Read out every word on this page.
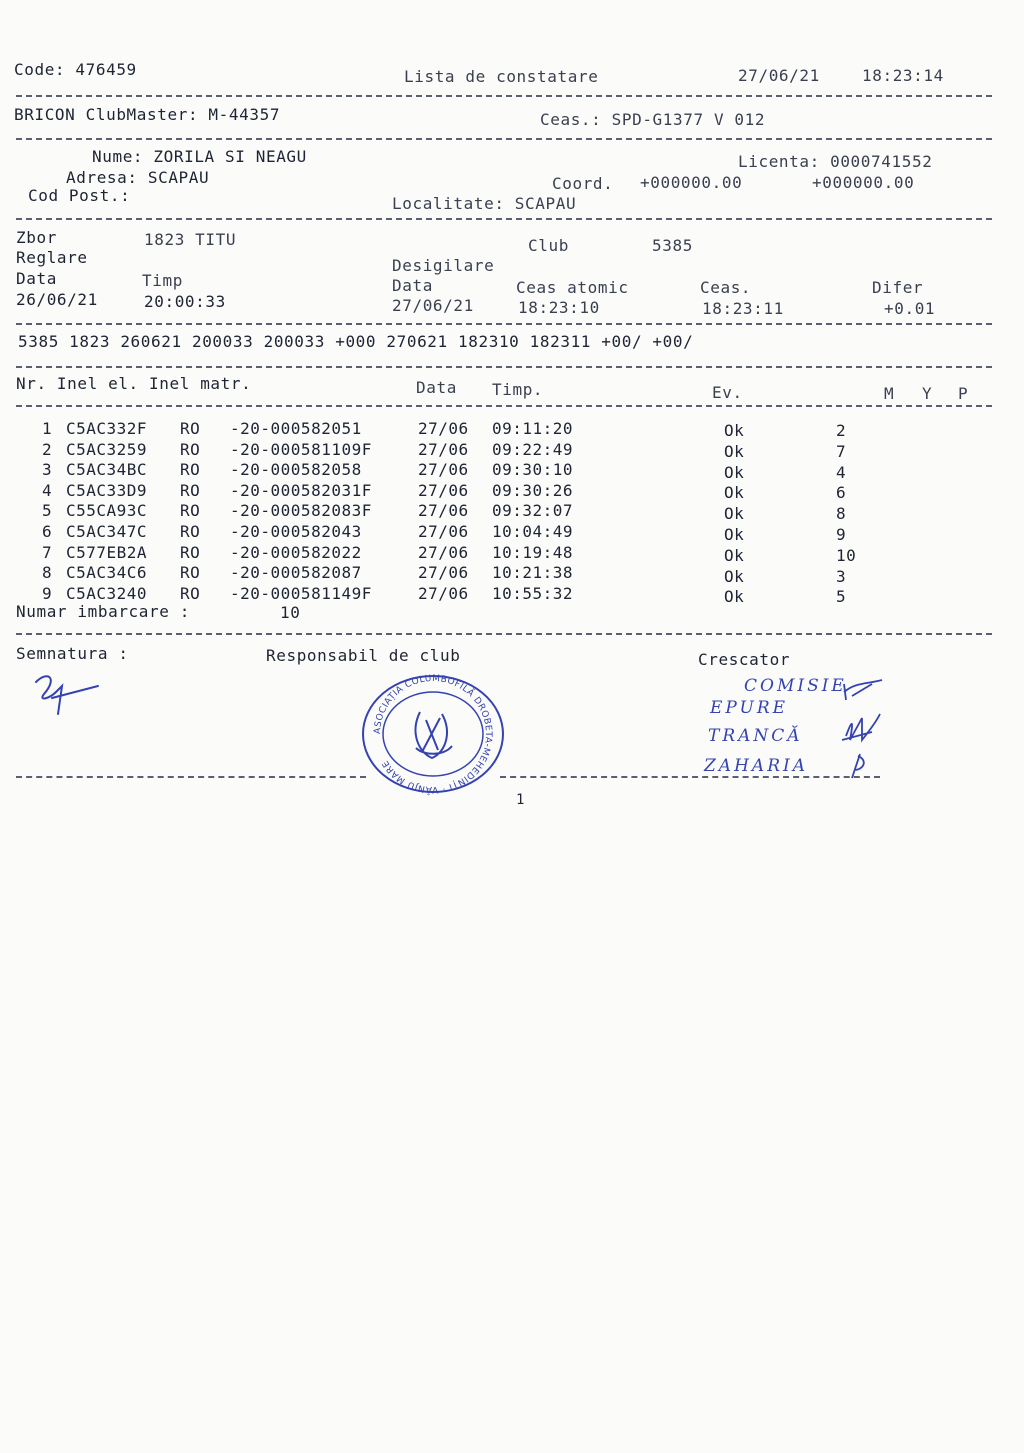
Code: 476459	Lista de constatare	27/06/21	18:23:14
BRICON ClubMaster: M-44357	Ceas.: SPD-G1377 V 012
Nume: ZORILA SI NEAGU
Adresa: SCAPAU
Cod Post.:
Licenta: 0000741552
Coord. +000000.00	+000000.00
Localitate: SCAPAU
Zbor	1823 TITU	Club	5385
Reglare	Desigilare
Data	Timp	Data	Ceas atomic	Ceas.	Difer
26/06/21	20:00:33	27/06/21	18:23:10	18:23:11	+0.01
5385 1823 260621 200033 200033 +000 270621 182310 182311 +00/ +00/
Nr. Inel el. Inel matr.	Data Timp.	Ev.	M Y P
1 C5AC332F RO -20-000582051	27/06 09:11:20	Ok	2
2 C5AC3259 RO -20-000581109F	27/06 09:22:49	Ok	7
3 C5AC34BC RO -20-000582058	27/06 09:30:10	Ok	4
4 C5AC33D9 RO -20-000582031F	27/06 09:30:26	Ok	6
5 C55CA93C RO -20-000582083F	27/06 09:32:07	Ok	8
6 C5AC347C RO -20-000582043	27/06 10:04:49	Ok	9
7 C577EB2A RO -20-000582022	27/06 10:19:48	Ok	10
8 C5AC34C6 RO -20-000582087	27/06 10:21:38	Ok	3
9 C5AC3240 RO -20-000581149F	27/06 10:55:32	Ok	5
Numar imbarcare :	10
Semnatura :	Responsabil de club	Crescator
ASOCIAȚIA COLUMBOFILĂ DROBETA-MEHEDINȚI · VÂNJU MARE
COMISIE
EPURE
TRANCĂ
ZAHARIA
1
